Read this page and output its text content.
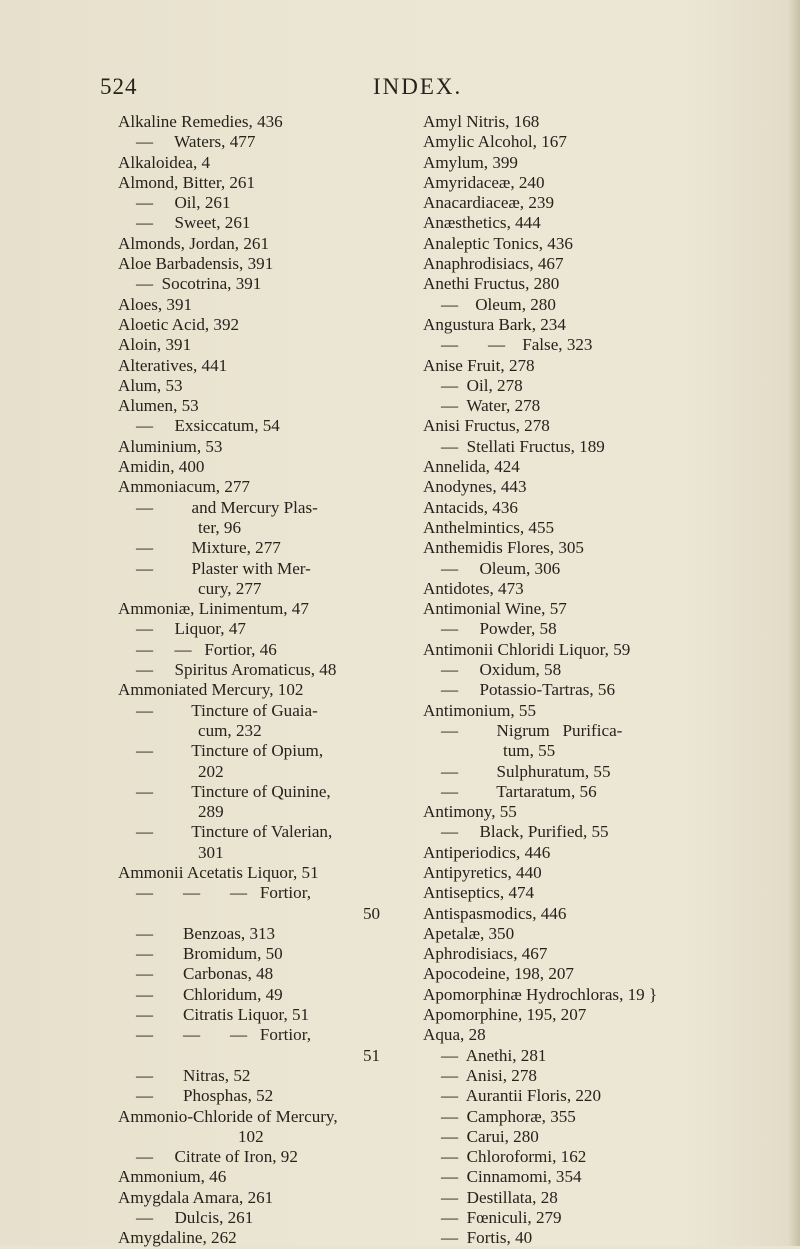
524	INDEX.
Alkaline Remedies, 436
—     Waters, 477
Alkaloidea, 4
Almond, Bitter, 261
—     Oil, 261
—     Sweet, 261
Almonds, Jordan, 261
Aloe Barbadensis, 391
—  Socotrina, 391
Aloes, 391
Aloetic Acid, 392
Aloin, 391
Alteratives, 441
Alum, 53
Alumen, 53
—     Exsiccatum, 54
Aluminium, 53
Amidin, 400
Ammoniacum, 277
—         and Mercury Plas-
ter, 96
—         Mixture, 277
—         Plaster with Mer-
cury, 277
Ammoniæ, Linimentum, 47
—     Liquor, 47
—     —   Fortior, 46
—     Spiritus Aromaticus, 48
Ammoniated Mercury, 102
—         Tincture of Guaia-
cum, 232
—         Tincture of Opium,
202
—         Tincture of Quinine,
289
—         Tincture of Valerian,
301
Ammonii Acetatis Liquor, 51
—       —       —   Fortior,
50
—       Benzoas, 313
—       Bromidum, 50
—       Carbonas, 48
—       Chloridum, 49
—       Citratis Liquor, 51
—       —       —   Fortior,
51
—       Nitras, 52
—       Phosphas, 52
Ammonio-Chloride of Mercury,
102
—     Citrate of Iron, 92
Ammonium, 46
Amygdala Amara, 261
—     Dulcis, 261
Amygdaline, 262
Amyl Nitris, 168
Amylic Alcohol, 167
Amylum, 399
Amyridaceæ, 240
Anacardiaceæ, 239
Anæsthetics, 444
Analeptic Tonics, 436
Anaphrodisiacs, 467
Anethi Fructus, 280
—    Oleum, 280
Angustura Bark, 234
—       —    False, 323
Anise Fruit, 278
—  Oil, 278
—  Water, 278
Anisi Fructus, 278
—  Stellati Fructus, 189
Annelida, 424
Anodynes, 443
Antacids, 436
Anthelmintics, 455
Anthemidis Flores, 305
—     Oleum, 306
Antidotes, 473
Antimonial Wine, 57
—     Powder, 58
Antimonii Chloridi Liquor, 59
—     Oxidum, 58
—     Potassio-Tartras, 56
Antimonium, 55
—         Nigrum   Purifica-
tum, 55
—         Sulphuratum, 55
—         Tartaratum, 56
Antimony, 55
—     Black, Purified, 55
Antiperiodics, 446
Antipyretics, 440
Antiseptics, 474
Antispasmodics, 446
Apetalæ, 350
Aphrodisiacs, 467
Apocodeine, 198, 207
Apomorphinæ Hydrochloras, 19 }
Apomorphine, 195, 207
Aqua, 28
—  Anethi, 281
—  Anisi, 278
—  Aurantii Floris, 220
—  Camphoræ, 355
—  Carui, 280
—  Chloroformi, 162
—  Cinnamomi, 354
—  Destillata, 28
—  Fœniculi, 279
—  Fortis, 40
